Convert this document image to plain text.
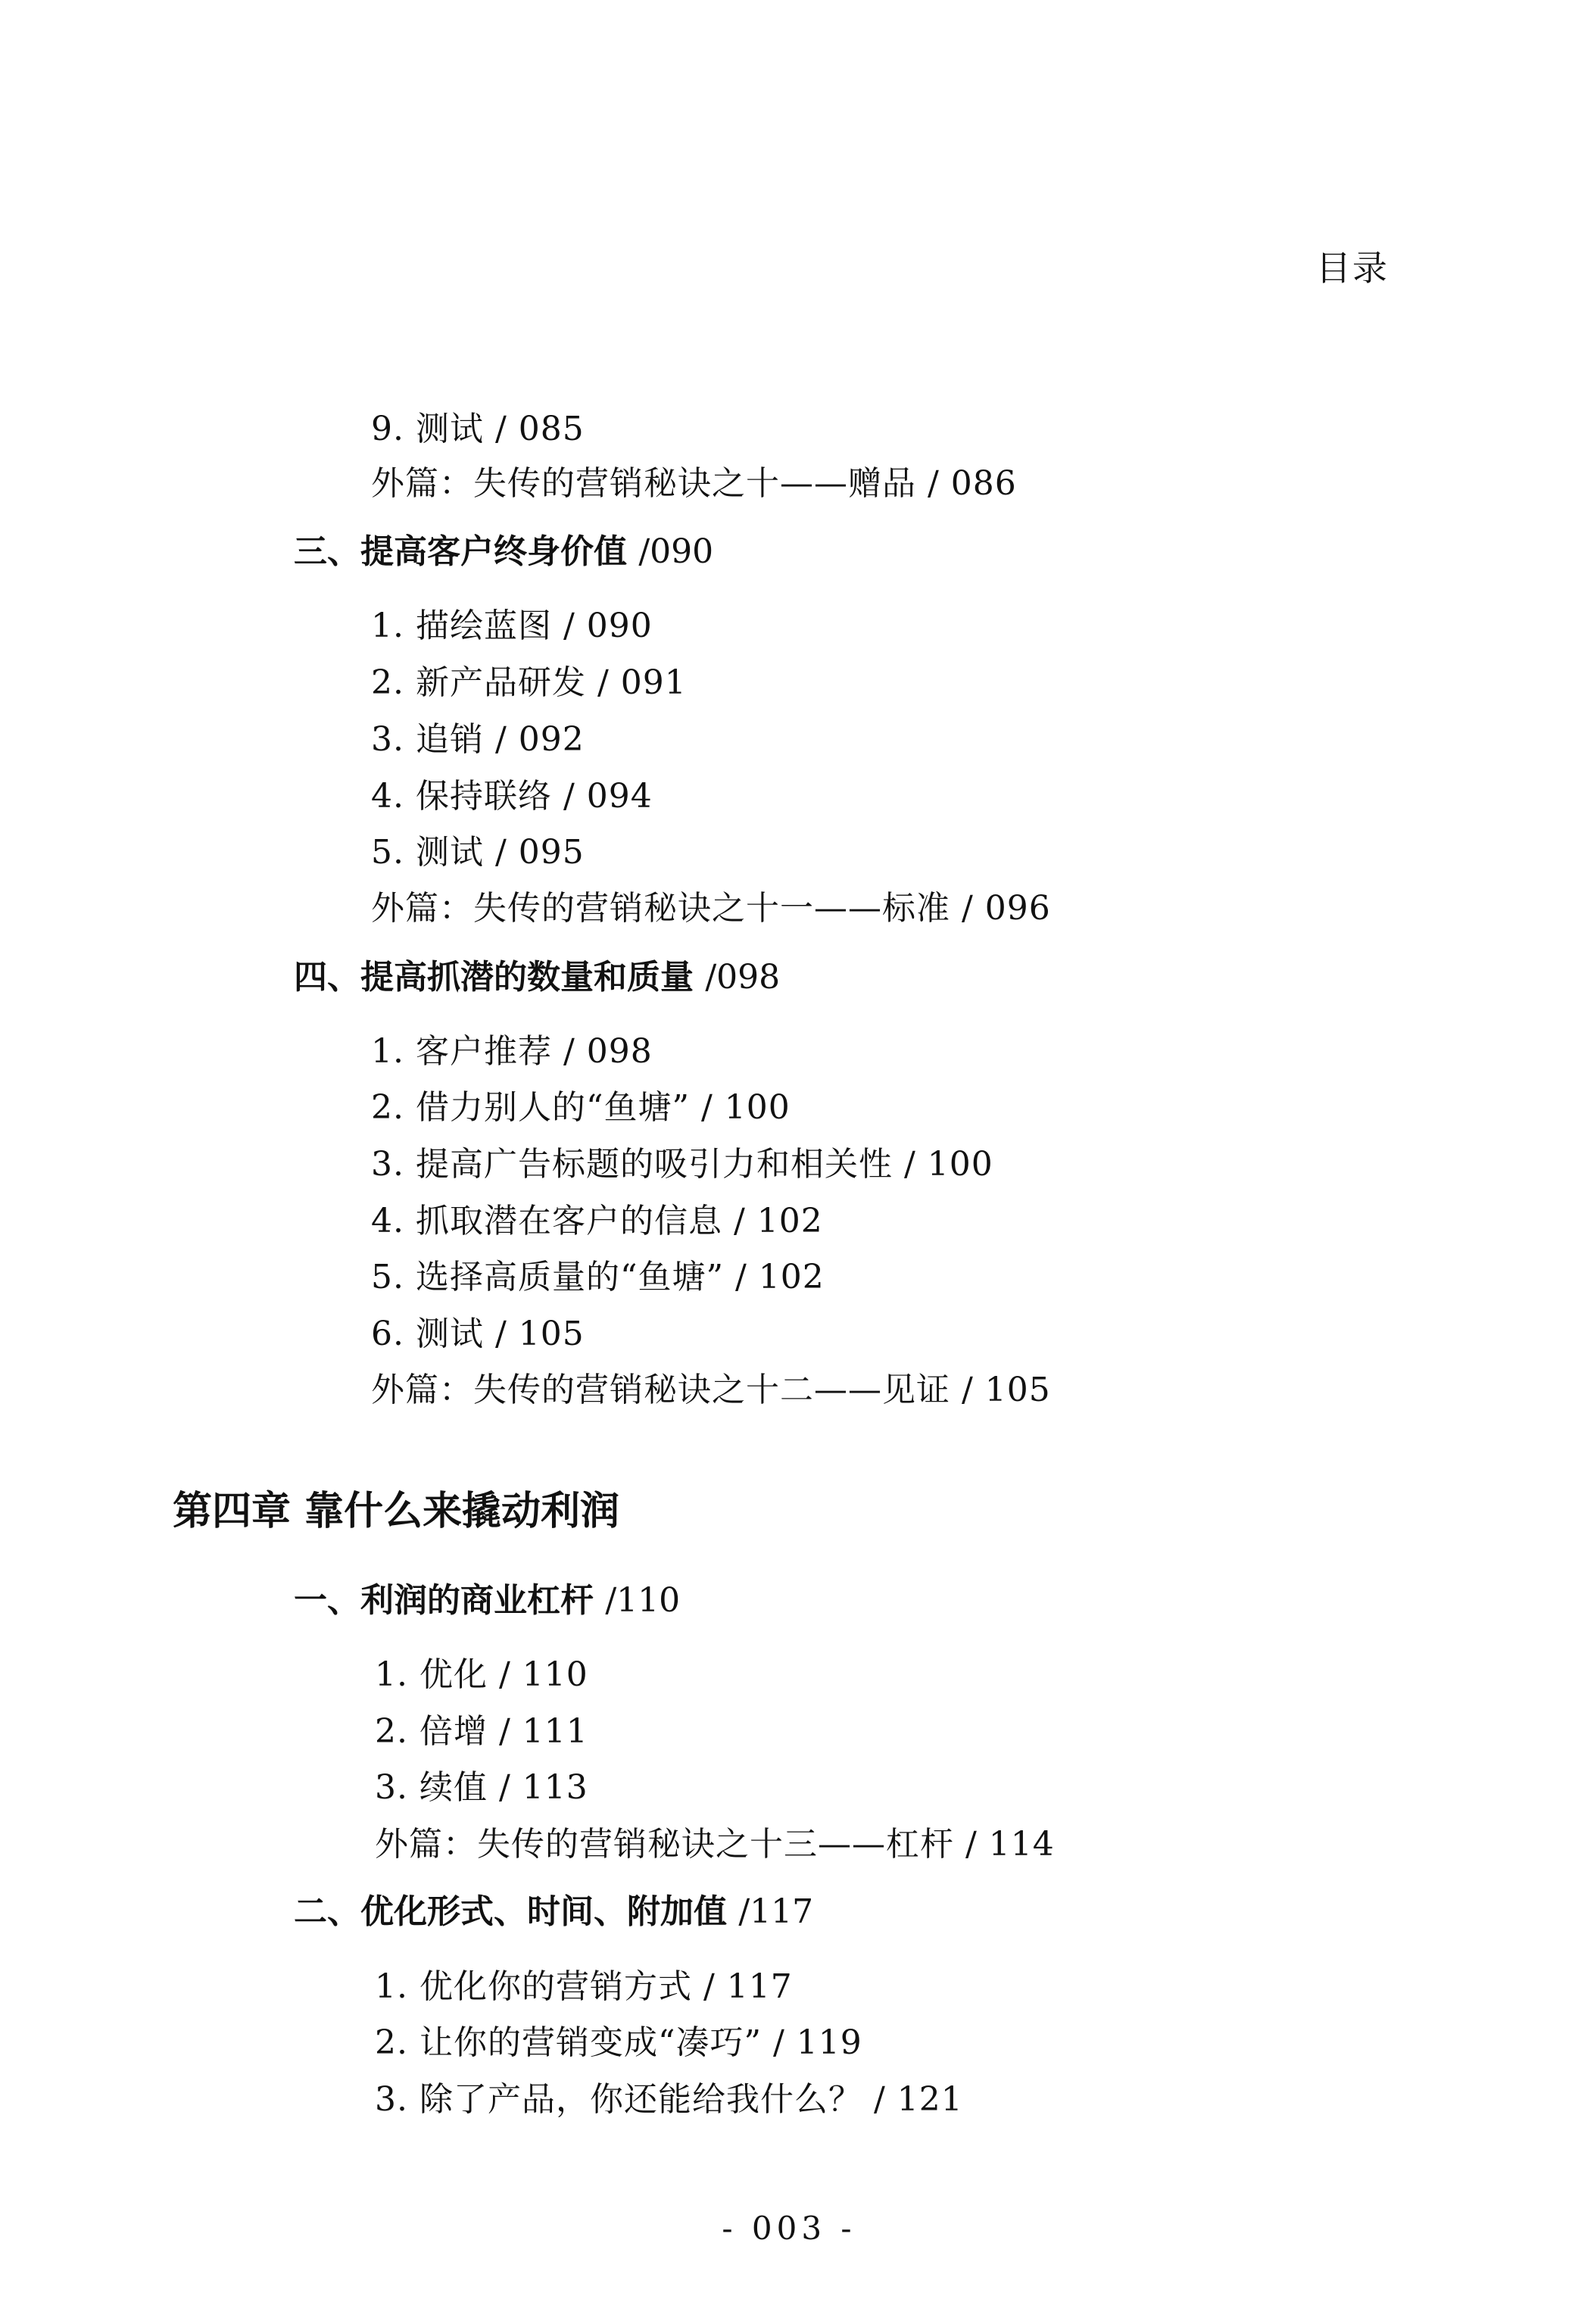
目录
9. 测试 / 085
外篇：失传的营销秘诀之十——赠品 / 086
三、提高客户终身价值 /090
1. 描绘蓝图 / 090
2. 新产品研发 / 091
3. 追销 / 092
4. 保持联络 / 094
5. 测试 / 095
外篇：失传的营销秘诀之十一——标准 / 096
四、提高抓潜的数量和质量 /098
1. 客户推荐 / 098
2. 借力别人的“鱼塘” / 100
3. 提高广告标题的吸引力和相关性 / 100
4. 抓取潜在客户的信息 / 102
5. 选择高质量的“鱼塘” / 102
6. 测试 / 105
外篇：失传的营销秘诀之十二——见证 / 105
第四章 靠什么来撬动利润
一、利润的商业杠杆 /110
1. 优化 / 110
2. 倍增 / 111
3. 续值 / 113
外篇：失传的营销秘诀之十三——杠杆 / 114
二、优化形式、时间、附加值 /117
1. 优化你的营销方式 / 117
2. 让你的营销变成“凑巧” / 119
3. 除了产品，你还能给我什么？ / 121
- 003 -
